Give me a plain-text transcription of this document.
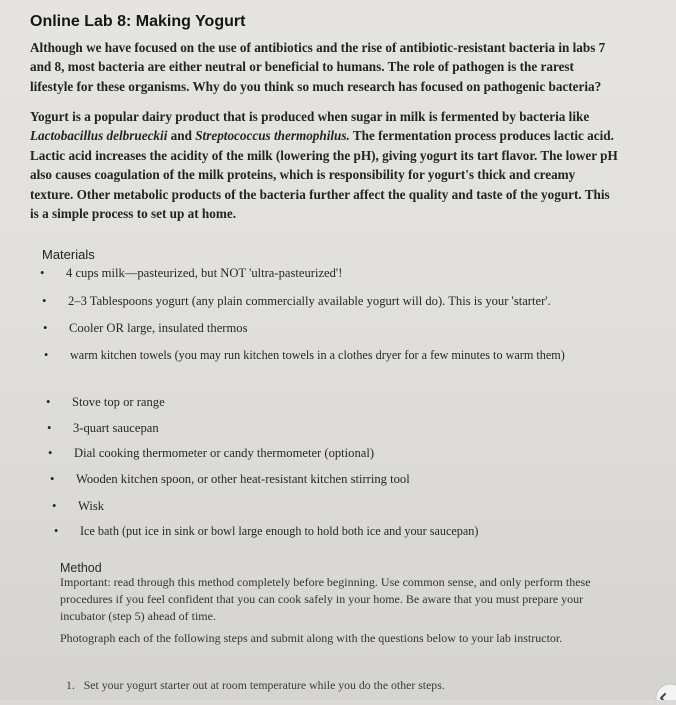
Online Lab 8: Making Yogurt
Although we have focused on the use of antibiotics and the rise of antibiotic-resistant bacteria in labs 7 and 8, most bacteria are either neutral or beneficial to humans. The role of pathogen is the rarest lifestyle for these organisms. Why do you think so much research has focused on pathogenic bacteria?
Yogurt is a popular dairy product that is produced when sugar in milk is fermented by bacteria like Lactobacillus delbrueckii and Streptococcus thermophilus. The fermentation process produces lactic acid. Lactic acid increases the acidity of the milk (lowering the pH), giving yogurt its tart flavor. The lower pH also causes coagulation of the milk proteins, which is responsibility for yogurt's thick and creamy texture. Other metabolic products of the bacteria further affect the quality and taste of the yogurt. This is a simple process to set up at home.
Materials
• 4 cups milk—pasteurized, but NOT 'ultra-pasteurized'!
• 2–3 Tablespoons yogurt (any plain commercially available yogurt will do). This is your 'starter'.
• Cooler OR large, insulated thermos
• warm kitchen towels (you may run kitchen towels in a clothes dryer for a few minutes to warm them)
• Stove top or range
• 3-quart saucepan
• Dial cooking thermometer or candy thermometer (optional)
• Wooden kitchen spoon, or other heat-resistant kitchen stirring tool
• Wisk
• Ice bath (put ice in sink or bowl large enough to hold both ice and your saucepan)
Method
Important: read through this method completely before beginning. Use common sense, and only perform these procedures if you feel confident that you can cook safely in your home. Be aware that you must prepare your incubator (step 5) ahead of time.
Photograph each of the following steps and submit along with the questions below to your lab instructor.
1. Set your yogurt starter out at room temperature while you do the other steps.
